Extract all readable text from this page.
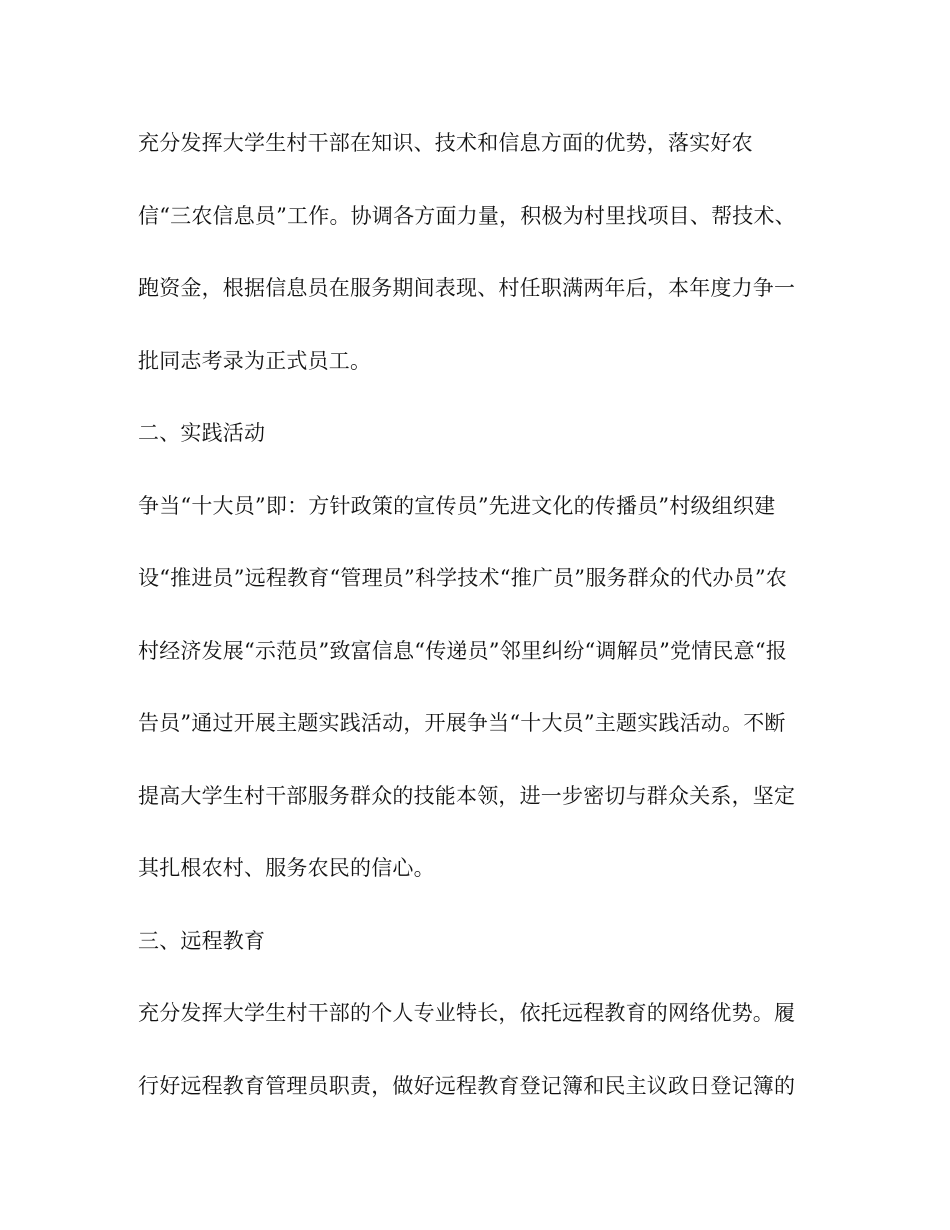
充分发挥大学生村干部在知识、技术和信息方面的优势，落实好农
信“三农信息员”工作。协调各方面力量，积极为村里找项目、帮技术、
跑资金，根据信息员在服务期间表现、村任职满两年后，本年度力争一
批同志考录为正式员工。
二、实践活动
争当“十大员”即：方针政策的宣传员”先进文化的传播员”村级组织建
设“推进员”远程教育“管理员”科学技术“推广员”服务群众的代办员”农
村经济发展“示范员”致富信息“传递员”邻里纠纷“调解员”党情民意“报
告员”通过开展主题实践活动，开展争当“十大员”主题实践活动。不断
提高大学生村干部服务群众的技能本领，进一步密切与群众关系，坚定
其扎根农村、服务农民的信心。
三、远程教育
充分发挥大学生村干部的个人专业特长，依托远程教育的网络优势。履
行好远程教育管理员职责，做好远程教育登记簿和民主议政日登记簿的
